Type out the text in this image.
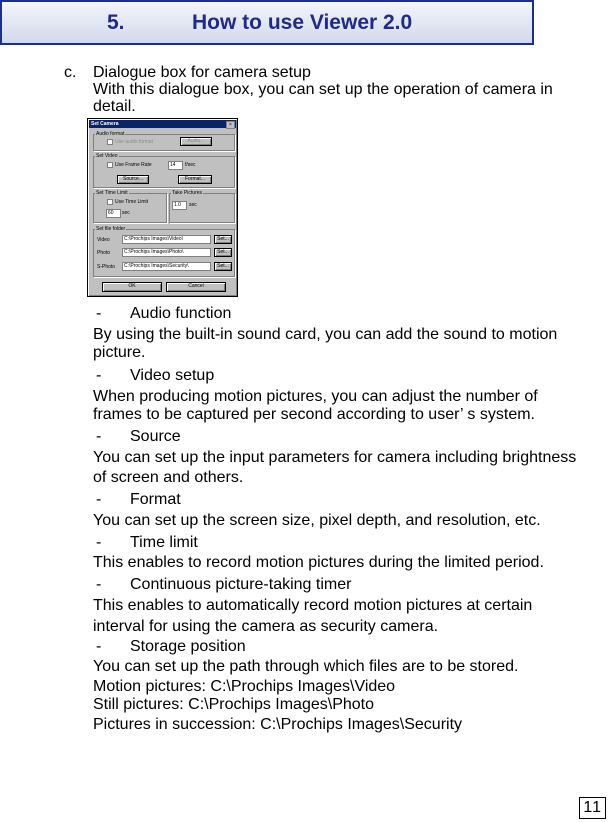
5.	How to use Viewer 2.0
c. Dialogue box for camera setup
With this dialogue box, you can set up the operation of camera in
detail.
Set Camera	×
Audio format
Use audio format	Audio...
Set Video
Use Frame Rate	14	f/sec
Source...	Format...
Set Time Limit
Use Time Limit
60	sec
Take Pictures
1.0	sec
Set file folder
Video	C:\Prochips Images\Video\	Set...
Photo	C:\Prochips Images\Photo\	Set...
S-Photo	C:\Prochips Images\Security\	Set...
OK	Cancel
- Audio function
By using the built-in sound card, you can add the sound to motion
picture.
- Video setup
When producing motion pictures, you can adjust the number of
frames to be captured per second according to user’ s system.
- Source
You can set up the input parameters for camera including brightness
of screen and others.
- Format
You can set up the screen size, pixel depth, and resolution, etc.
- Time limit
This enables to record motion pictures during the limited period.
- Continuous picture-taking timer
This enables to automatically record motion pictures at certain
interval for using the camera as security camera.
- Storage position
You can set up the path through which files are to be stored.
Motion pictures: C:\Prochips Images\Video
Still pictures: C:\Prochips Images\Photo
Pictures in succession: C:\Prochips Images\Security
11
